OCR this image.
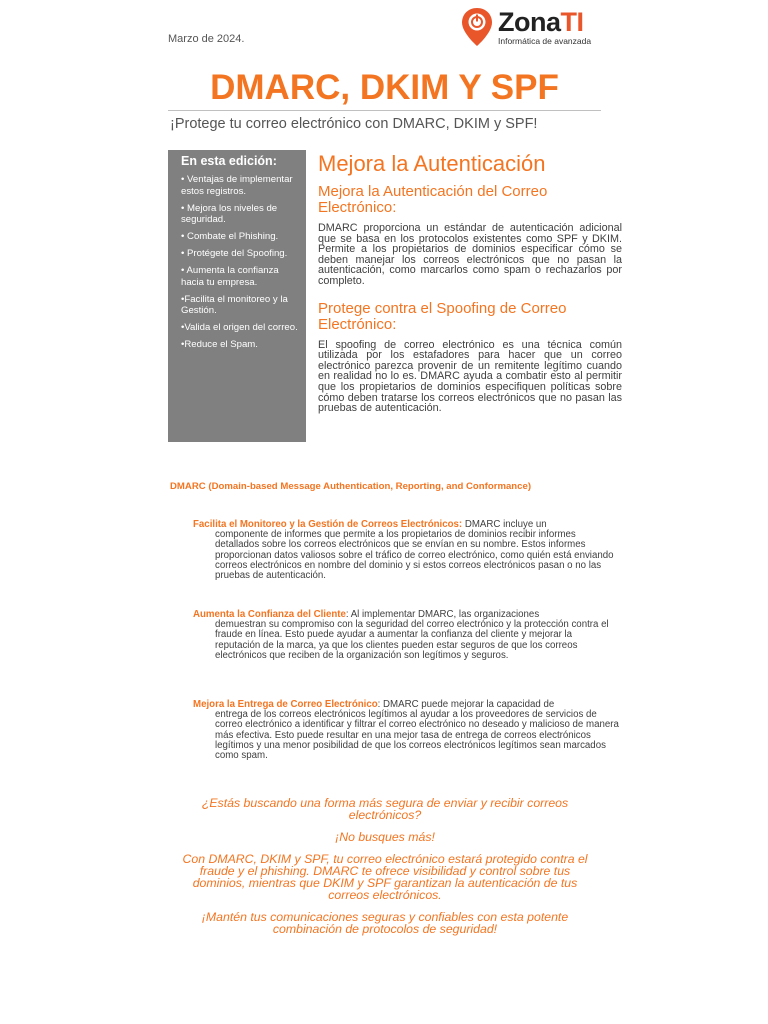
Marzo de 2024.
ZonaTI
Informática de avanzada
DMARC, DKIM Y SPF
¡Protege tu correo electrónico con DMARC, DKIM y SPF!
En esta edición:
• Ventajas de implementar estos registros.
• Mejora los niveles de seguridad.
• Combate el Phishing.
• Protégete del Spoofing.
• Aumenta la confianza hacia tu empresa.
•Facilita el monitoreo y la Gestión.
•Valida el origen del correo.
•Reduce el Spam.
Mejora la Autenticación
Mejora la Autenticación del Correo Electrónico:

DMARC proporciona un estándar de autenticación adicional que se basa en los protocolos existentes como SPF y DKIM. Permite a los propietarios de dominios especificar cómo se deben manejar los correos electrónicos que no pasan la autenticación, como marcarlos como spam o rechazarlos por completo.

Protege contra el Spoofing de Correo Electrónico:

El spoofing de correo electrónico es una técnica común utilizada por los estafadores para hacer que un correo electrónico parezca provenir de un remitente legítimo cuando en realidad no lo es. DMARC ayuda a combatir esto al permitir que los propietarios de dominios especifiquen políticas sobre cómo deben tratarse los correos electrónicos que no pasan las pruebas de autenticación.

DMARC (Domain-based Message Authentication, Reporting, and Conformance)
Facilita el Monitoreo y la Gestión de Correos Electrónicos: DMARC incluye un
componente de informes que permite a los propietarios de dominios recibir informes detallados sobre los correos electrónicos que se envían en su nombre. Estos informes proporcionan datos valiosos sobre el tráfico de correo electrónico, como quién está enviando correos electrónicos en nombre del dominio y si estos correos electrónicos pasan o no las pruebas de autenticación.
Aumenta la Confianza del Cliente: Al implementar DMARC, las organizaciones
demuestran su compromiso con la seguridad del correo electrónico y la protección contra el fraude en línea. Esto puede ayudar a aumentar la confianza del cliente y mejorar la reputación de la marca, ya que los clientes pueden estar seguros de que los correos electrónicos que reciben de la organización son legítimos y seguros.
Mejora la Entrega de Correo Electrónico: DMARC puede mejorar la capacidad de
entrega de los correos electrónicos legítimos al ayudar a los proveedores de servicios de correo electrónico a identificar y filtrar el correo electrónico no deseado y malicioso de manera más efectiva. Esto puede resultar en una mejor tasa de entrega de correos electrónicos legítimos y una menor posibilidad de que los correos electrónicos legítimos sean marcados como spam.

¿Estás buscando una forma más segura de enviar y recibir correos electrónicos?

¡No busques más!

Con DMARC, DKIM y SPF, tu correo electrónico estará protegido contra el fraude y el phishing. DMARC te ofrece visibilidad y control sobre tus dominios, mientras que DKIM y SPF garantizan la autenticación de tus correos electrónicos.

¡Mantén tus comunicaciones seguras y confiables con esta potente combinación de protocolos de seguridad!
